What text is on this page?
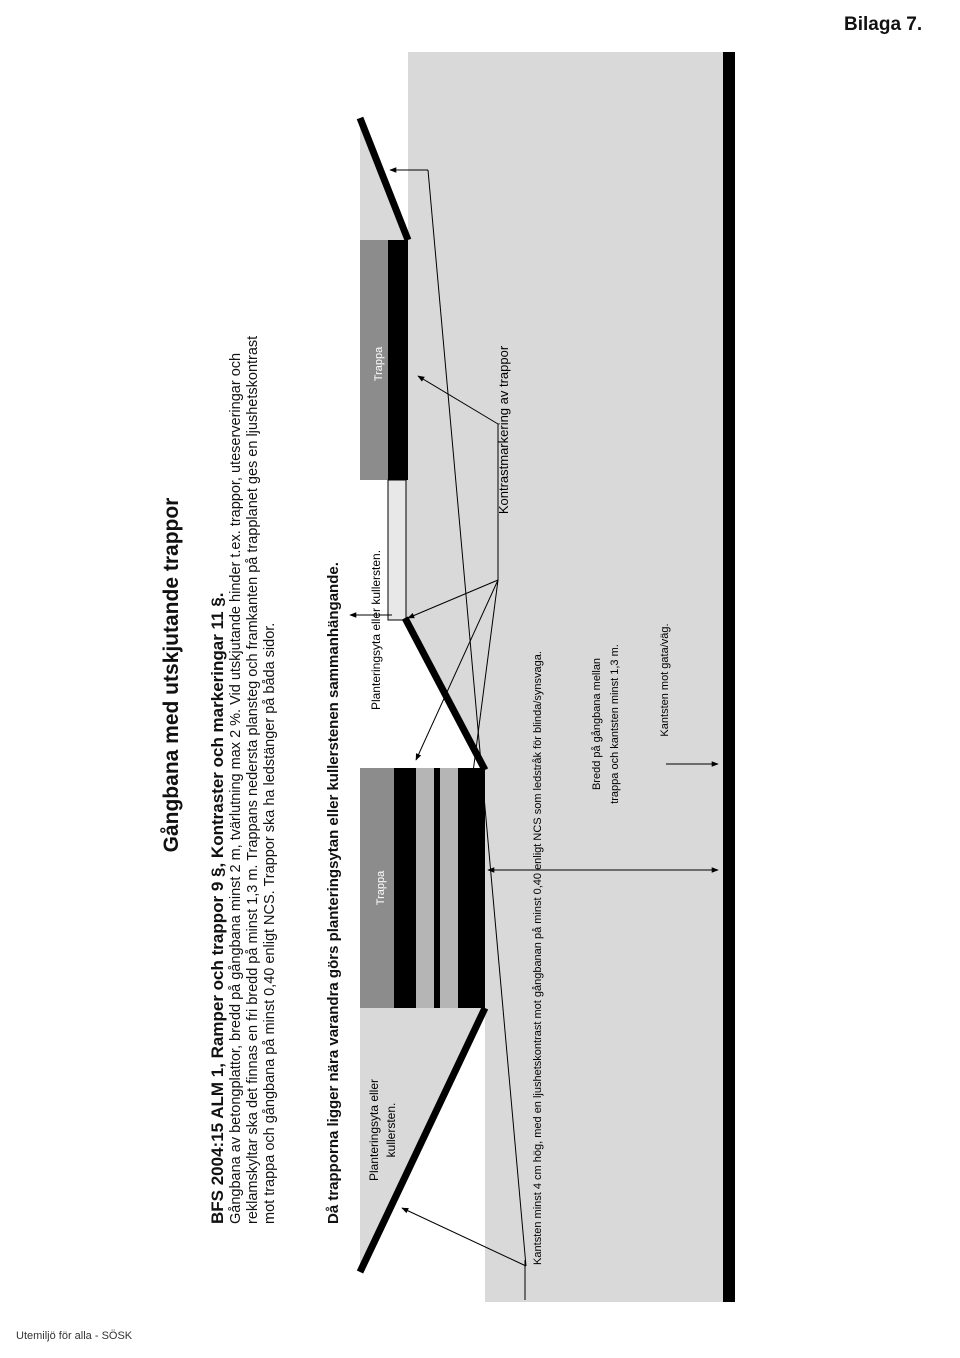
Bilaga 7.
Utemiljö för alla - SÖSK
Gångbana med utskjutande trappor BFS 2004:15 ALM 1, Ramper och trappor 9 §, Kontraster och markeringar 11 §. Gångbana av betongplattor, bredd på gångbana minst 2 m, tvärlutning max 2 %. Vid utskjutande hinder t.ex. trappor, uteserveringar och reklamskyltar ska det finnas en fri bredd på minst 1,3 m. Trappans nedersta plansteg och framkanten på trapplanet ges en ljushetskontrast mot trappa och gångbana på minst 0,40 enligt NCS. Trappor ska ha ledstänger på båda sidor.	Då trapporna ligger nära varandra görs planteringsytan eller kullerstenen sammanhängande.	Trappa
Trappa
Planteringsyta eller kullersten.
Planteringsyta eller kullersten.
Kontrastmarkering av trappor
Kantsten minst 4 cm hög, med en ljushetskontrast mot gångbanan på minst 0,40 enligt NCS som ledstråk för blinda/synsvaga.	Bredd på gångbana mellan trappa och kantsten minst 1,3 m.	Kantsten mot gata/väg.
